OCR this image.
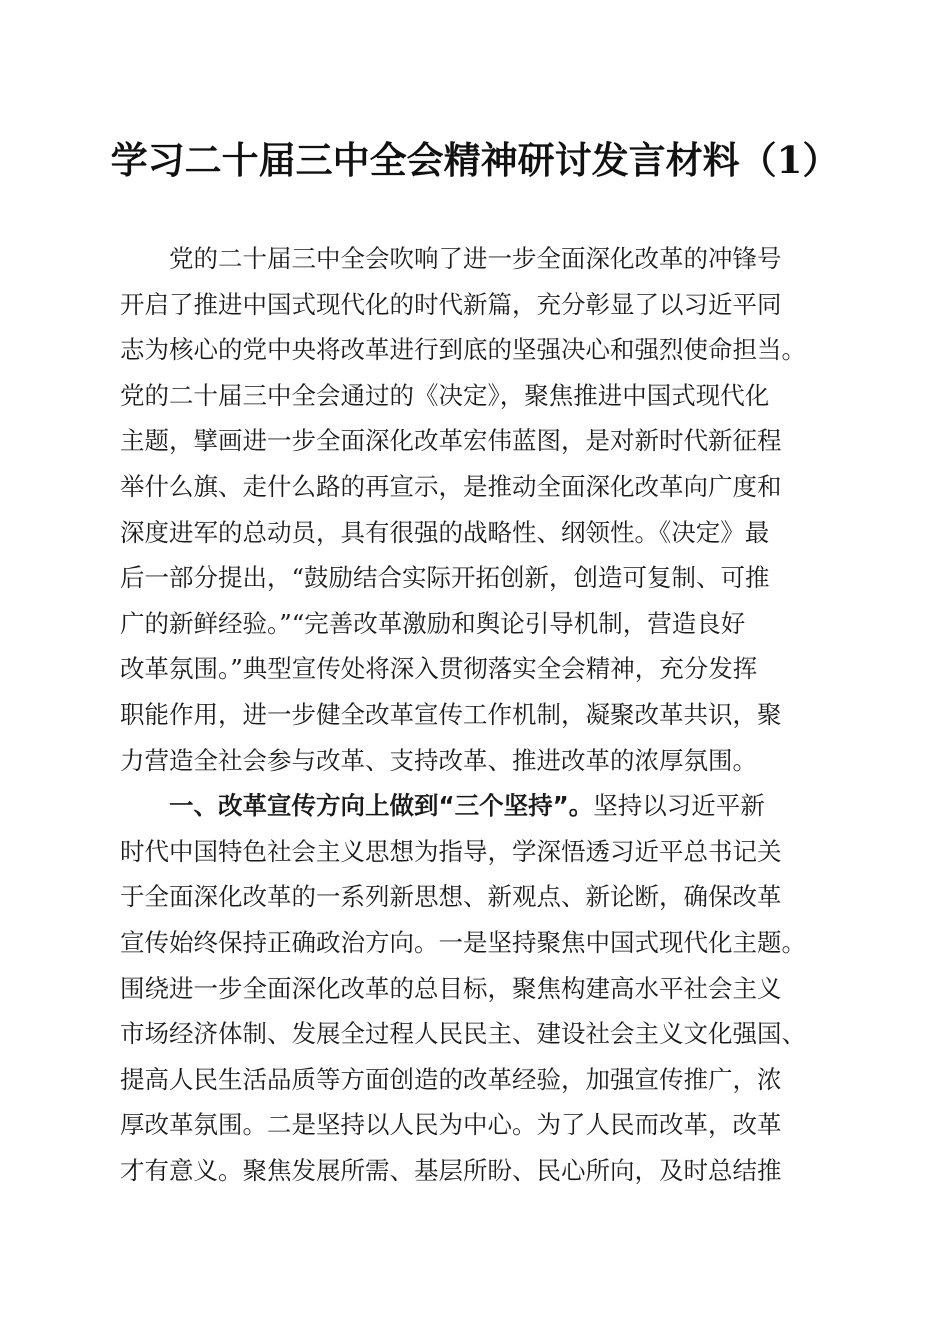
学习二十届三中全会精神研讨发言材料（1）
党的二十届三中全会吹响了进一步全面深化改革的冲锋号
开启了推进中国式现代化的时代新篇，充分彰显了以习近平同
志为核心的党中央将改革进行到底的坚强决心和强烈使命担当。
党的二十届三中全会通过的《决定》，聚焦推进中国式现代化
主题，擘画进一步全面深化改革宏伟蓝图，是对新时代新征程
举什么旗、走什么路的再宣示，是推动全面深化改革向广度和
深度进军的总动员，具有很强的战略性、纲领性。《决定》最
后一部分提出，“鼓励结合实际开拓创新，创造可复制、可推
广的新鲜经验。”“完善改革激励和舆论引导机制，营造良好
改革氛围。”典型宣传处将深入贯彻落实全会精神，充分发挥
职能作用，进一步健全改革宣传工作机制，凝聚改革共识，聚
力营造全社会参与改革、支持改革、推进改革的浓厚氛围。
一、改革宣传方向上做到“三个坚持”。坚持以习近平新
时代中国特色社会主义思想为指导，学深悟透习近平总书记关
于全面深化改革的一系列新思想、新观点、新论断，确保改革
宣传始终保持正确政治方向。一是坚持聚焦中国式现代化主题。
围绕进一步全面深化改革的总目标，聚焦构建高水平社会主义
市场经济体制、发展全过程人民民主、建设社会主义文化强国、
提高人民生活品质等方面创造的改革经验，加强宣传推广，浓
厚改革氛围。二是坚持以人民为中心。为了人民而改革，改革
才有意义。聚焦发展所需、基层所盼、民心所向，及时总结推
